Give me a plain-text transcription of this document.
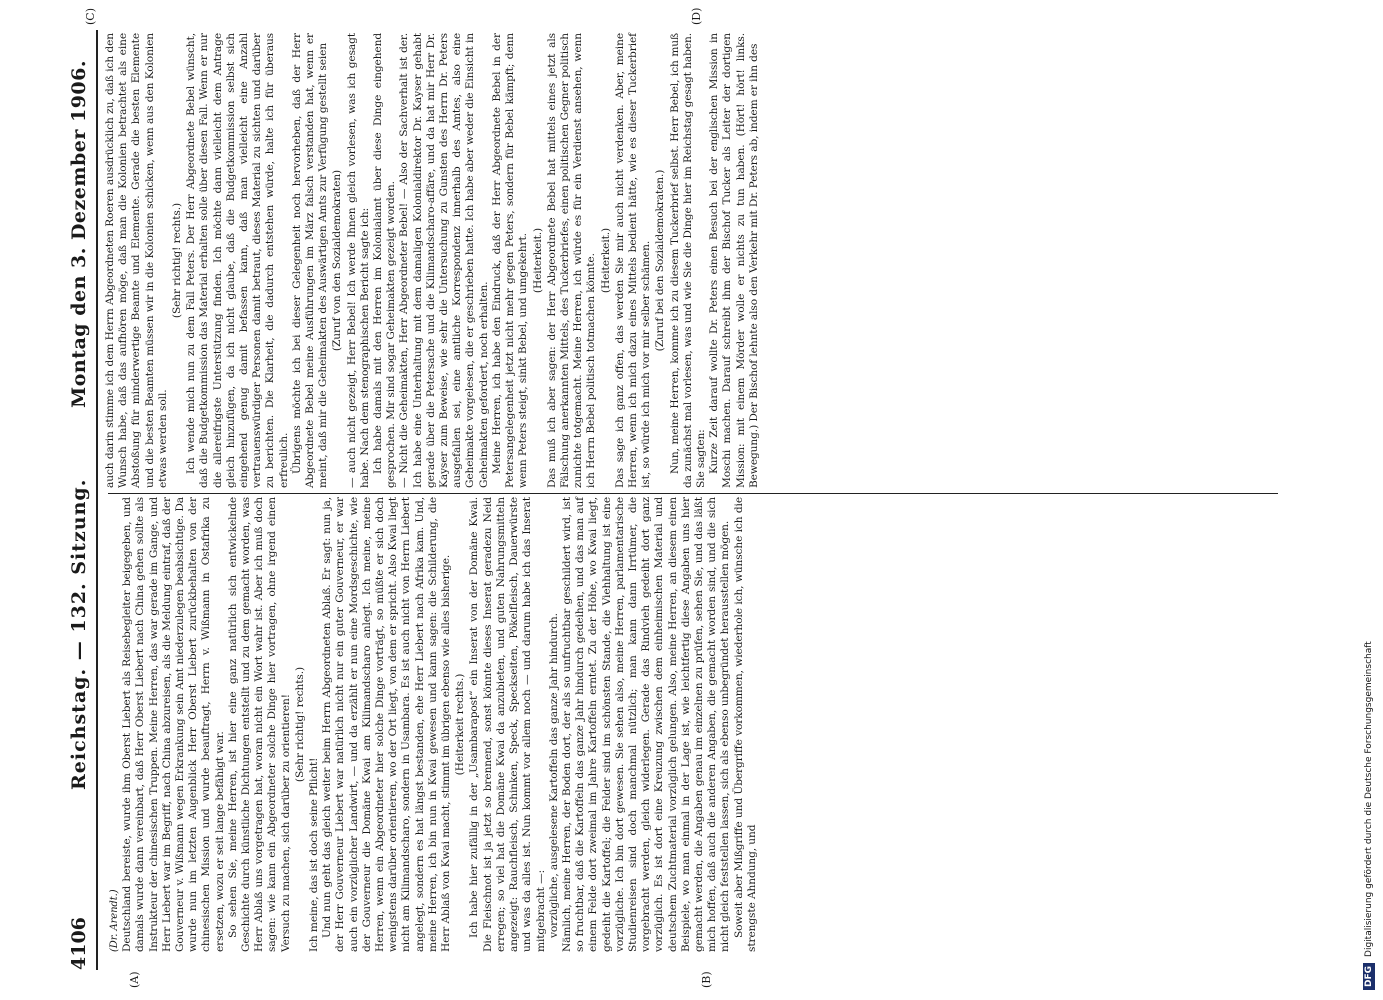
4106
Reichstag. — 132. Sitzung.
Montag den 3. Dezember 1906.
(A)	(B)
(C)	(D)
(Dr. Arendt.) Deutschland bereiste, wurde ihm Oberst Liebert als Reisebegleiter beigegeben, und damals wurde dann vereinbart, daß Herr Oberst Liebert nach China gehen sollte als Instrukteur der chinesischen Truppen. Meine Herren, das war gerade im Gange, und Herr Liebert war im Begriff, nach China abzureisen, als die Meldung eintraf, daß der Gouverneur v. Wißmann wegen Erkrankung sein Amt niederzulegen beabsichtige. Da wurde nun im letzten Augenblick Herr Oberst Liebert zurückbehalten von der chinesischen Mission und wurde beauftragt, Herrn v. Wißmann in Ostafrika zu ersetzen, wozu er seit lange befähigt war. So sehen Sie, meine Herren, ist hier eine ganz natürlich sich entwickelnde Geschichte durch künstliche Dichtungen entstellt und zu dem gemacht worden, was Herr Ablaß uns vorgetragen hat, woran nicht ein Wort wahr ist. Aber ich muß doch sagen: wie kann ein Abgeordneter solche Dinge hier vortragen, ohne irgend einen Versuch zu machen, sich darüber zu orientieren! (Sehr richtig! rechts.)

Ich meine, das ist doch seine Pflicht! Und nun geht das gleich weiter beim Herrn Abgeordneten Ablaß. Er sagt: nun ja, der Herr Gouverneur Liebert war natürlich nicht nur ein guter Gouverneur, er war auch ein vorzüglicher Landwirt, — und da erzählt er nun eine Mordsgeschichte, wie der Gouverneur die Domäne Kwai am Kilimandscharo anlegt. Ich meine, meine Herren, wenn ein Abgeordneter hier solche Dinge vorträgt, so müßte er sich doch wenigstens darüber orientieren, wo der Ort liegt, von dem er spricht. Also Kwai liegt nicht am Kilimandscharo, sondern in Usambara. Es ist auch nicht von Herrn Liebert angelegt, sondern es hat längst bestanden, ehe Herr Liebert nach Afrika kam. Und, meine Herren, ich bin nun in Kwai gewesen und kann sagen: die Schilderung, die Herr Ablaß von Kwai macht, stimmt im übrigen ebenso wie alles bisherige. (Heiterkeit rechts.) Ich habe hier zufällig in der „Usambarapost“ ein Inserat von der Domäne Kwai. Die Fleischnot ist ja jetzt so brennend, sonst könnte dieses Inserat geradezu Neid erregen; so viel hat die Domäne Kwai da anzubieten, und guten Nahrungsmitteln angezeigt: Rauchfleisch, Schinken, Speck, Speckseiten, Pökelfleisch, Dauerwürste und was da alles ist. Nun kommt vor allem noch — und darum habe ich das Inserat mitgebracht —: vorzügliche, ausgelesene Kartoffeln das ganze Jahr hindurch. Nämlich, meine Herren, der Boden dort, der als so unfruchtbar geschildert wird, ist so fruchtbar, daß die Kartoffeln das ganze Jahr hindurch gedeihen, und das man auf einem Felde dort zweimal im Jahre Kartoffeln erntet. Zu der Höhe, wo Kwai liegt, gedeiht die Kartoffel; die Felder sind im schönsten Stande, die Viehhaltung ist eine vorzügliche. Ich bin dort gewesen. Sie sehen also, meine Herren, parlamentarische Studienreisen sind doch manchmal nützlich; man kann dann Irrtümer, die vorgebracht werden, gleich widerlegen. Gerade das Rindvieh gedeiht dort ganz vorzüglich. Es ist dort eine Kreuzung zwischen dem einheimischen Material und deutschem Zuchtmaterial vorzüglich gelungen. Also, meine Herren, an diesem einen Beispiele, wo man einmal in der Lage ist, wie leichtfertig diese Angaben uns hier gemacht werden, die Angaben genau im einzelnen zu prüfen, sehen Sie, und das läßt mich hoffen, daß auch die anderen Angaben, die gemacht worden sind, und die sich nicht gleich feststellen lassen, sich als ebenso unbegründet herausstellen mögen. Soweit aber Mißgriffe und Übergriffe vorkommen, wiederhole ich, wünsche ich die strengste Ahndung, und

auch darin stimme ich dem Herrn Abgeordneten Roeren ausdrücklich zu, daß ich den Wunsch habe, daß das aufhören möge, daß man die Kolonien betrachtet als eine Abstoßung für minderwertige Beamte und Elemente. Gerade die besten Elemente und die besten Beamten müssen wir in die Kolonien schicken, wenn aus den Kolonien etwas werden soll.

(Sehr richtig! rechts.) Ich wende mich nun zu dem Fall Peters. Der Herr Abgeordnete Bebel wünscht, daß die Budgetkommission das Material erhalten solle über diesen Fall. Wenn er nur die allereifrigste Unterstützung finden. Ich möchte dann vielleicht dem Antrage gleich hinzufügen, da ich nicht glaube, daß die Budgetkommission selbst sich eingehend genug damit befassen kann, daß man vielleicht eine Anzahl vertrauenswürdiger Personen damit betraut, dieses Material zu sichten und darüber zu berichten. Die Klarheit, die dadurch entstehen würde, halte ich für überaus erfreulich. Übrigens möchte ich bei dieser Gelegenheit noch hervorheben, daß der Herr Abgeordnete Bebel meine Ausführungen im März falsch verstanden hat, wenn er meint, daß mir die Geheimakten des Auswärtigen Amts zur Verfügung gestellt seien (Zuruf von den Sozialdemokraten) — auch nicht gezeigt, Herr Bebel! Ich werde Ihnen gleich vorlesen, was ich gesagt habe. Nach dem stenographischen Bericht sagte ich: Ich habe damals mit den Herren im Kolonialamt über diese Dinge eingehend gesprochen. Mir sind sogar Geheimakten gezeigt worden. — Nicht die Geheimakten, Herr Abgeordneter Bebel! — Also der Sachverhalt ist der. Ich habe eine Unterhaltung mit dem damaligen Kolonialdirektor Dr. Kayser gehabt gerade über die Petersache und die Kilimandscharo-affäre, und da hat mir Herr Dr. Kayser zum Beweise, wie sehr die Untersuchung zu Gunsten des Herrn Dr. Peters ausgefallen sei, eine amtliche Korrespondenz innerhalb des Amtes, also eine Geheimakte vorgelesen, die er geschrieben hatte. Ich habe aber weder die Einsicht in Geheimakten gefordert, noch erhalten. Meine Herren, ich habe den Eindruck, daß der Herr Abgeordnete Bebel in der Petersangelegenheit jetzt nicht mehr gegen Peters, sondern für Bebel kämpft; denn wenn Peters steigt, sinkt Bebel, und umgekehrt. (Heiterkeit.) Das muß ich aber sagen: der Herr Abgeordnete Bebel hat mittels eines jetzt als Fälschung anerkannten Mittels, des Tuckerbriefes, einen politischen Gegner politisch zunichte totgemacht. Meine Herren, ich würde es für ein Verdienst ansehen, wenn ich Herrn Bebel politisch totmachen könnte. (Heiterkeit.) Das sage ich ganz offen, das werden Sie mir auch nicht verdenken. Aber, meine Herren, wenn ich mich dazu eines Mittels bedient hätte, wie es dieser Tuckerbrief ist, so würde ich mich vor mir selber schämen. (Zuruf bei den Sozialdemokraten.) Nun, meine Herren, komme ich zu diesem Tuckerbrief selbst. Herr Bebel, ich muß da zunächst mal vorlesen, was und wie Sie die Dinge hier im Reichstag gesagt haben. Sie sagten: Kurze Zeit darauf wollte Dr. Peters einen Besuch bei der englischen Mission in Moschi machen. Darauf schreibt ihm der Bischof Tucker als Leiter der dortigen Mission: mit einem Mörder wolle er nichts zu tun haben. (Hört! hört! links. Bewegung.) Der Bischof lehnte also den Verkehr mit Dr. Peters ab, indem er ihn des

DFGDigitalisierung gefördert durch die Deutsche Forschungsgemeinschaft
